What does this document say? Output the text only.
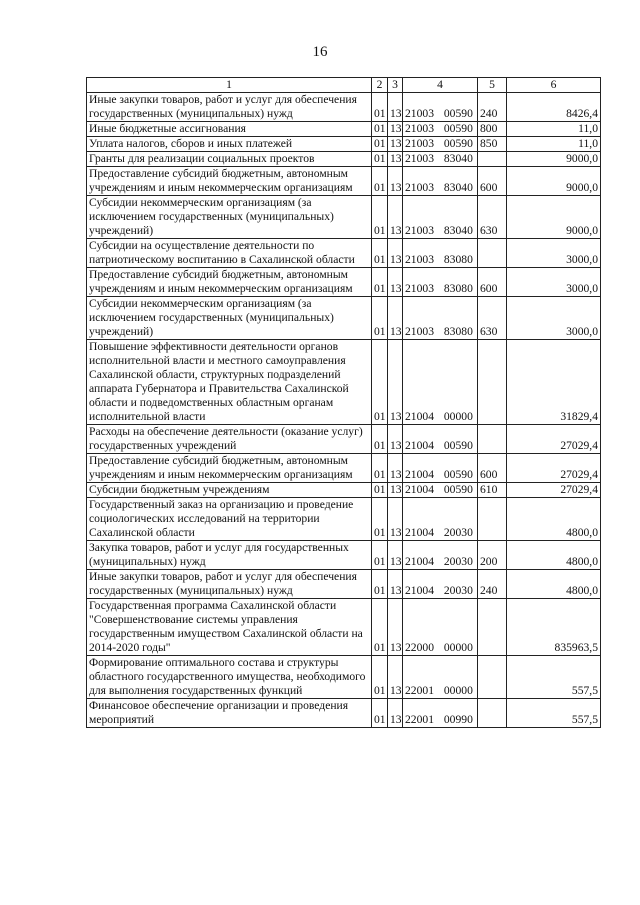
16
1	2	3	4	5	6
Иные закупки товаров, работ и услуг для обеспечения государственных (муниципальных) нужд	01	13	21003 00590	240	8426,4
Иные бюджетные ассигнования	01	13	21003 00590	800	11,0
Уплата налогов, сборов и иных платежей	01	13	21003 00590	850	11,0
Гранты для реализации социальных проектов	01	13	21003 83040		9000,0
Предоставление субсидий бюджетным, автономным учреждениям и иным некоммерческим организациям	01	13	21003 83040	600	9000,0
Субсидии некоммерческим организациям (за исключением государственных (муниципальных) учреждений)	01	13	21003 83040	630	9000,0
Субсидии на осуществление деятельности по патриотическому воспитанию в Сахалинской области	01	13	21003 83080		3000,0
Предоставление субсидий бюджетным, автономным учреждениям и иным некоммерческим организациям	01	13	21003 83080	600	3000,0
Субсидии некоммерческим организациям (за исключением государственных (муниципальных) учреждений)	01	13	21003 83080	630	3000,0
Повышение эффективности деятельности органов исполнительной власти и местного самоуправления Сахалинской области, структурных подразделений аппарата Губернатора и Правительства Сахалинской области и подведомственных областным органам исполнительной власти	01	13	21004 00000		31829,4
Расходы на обеспечение деятельности (оказание услуг) государственных учреждений	01	13	21004 00590		27029,4
Предоставление субсидий бюджетным, автономным учреждениям и иным некоммерческим организациям	01	13	21004 00590	600	27029,4
Субсидии бюджетным учреждениям	01	13	21004 00590	610	27029,4
Государственный заказ на организацию и проведение социологических исследований на территории Сахалинской области	01	13	21004 20030		4800,0
Закупка товаров, работ и услуг для государственных (муниципальных) нужд	01	13	21004 20030	200	4800,0
Иные закупки товаров, работ и услуг для обеспечения государственных (муниципальных) нужд	01	13	21004 20030	240	4800,0
Государственная программа Сахалинской области "Совершенствование системы управления государственным имуществом Сахалинской области на 2014-2020 годы"	01	13	22000 00000		835963,5
Формирование оптимального состава и структуры областного государственного имущества, необходимого для выполнения государственных функций	01	13	22001 00000		557,5
Финансовое обеспечение организации и проведения мероприятий	01	13	22001 00990		557,5
